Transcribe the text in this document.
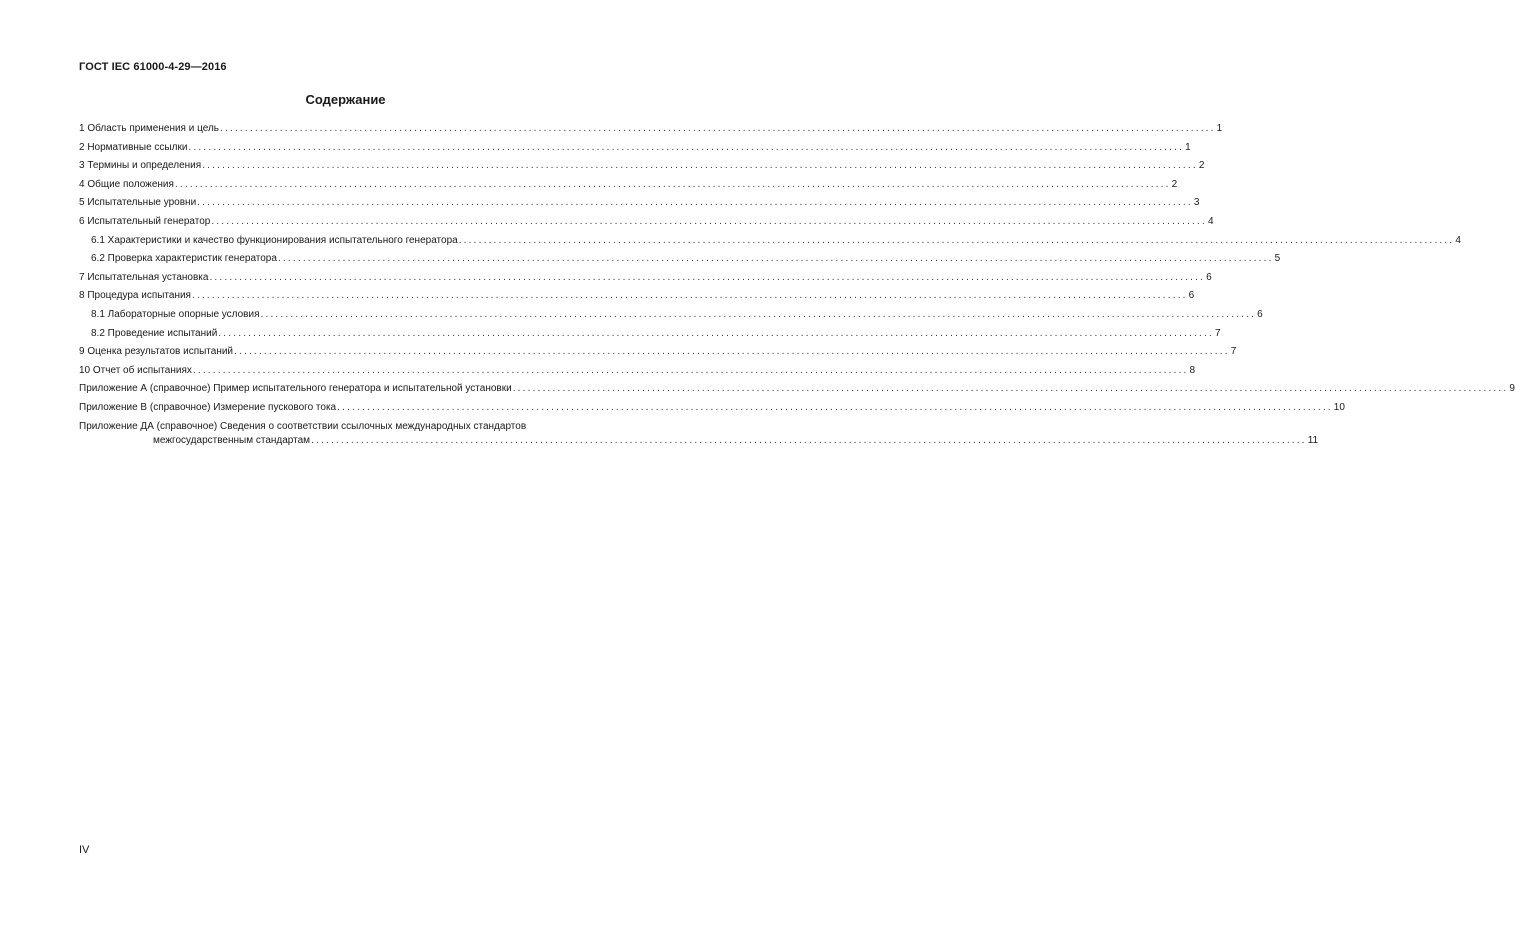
ГОСТ IEC 61000-4-29—2016
Содержание
1 Область применения и цель ........................................................................................................................................................................................................ 1
2 Нормативные ссылки ........................................................................................................................................................................................................ 1
3 Термины и определения ........................................................................................................................................................................................................ 2
4 Общие положения ........................................................................................................................................................................................................ 2
5 Испытательные уровни ........................................................................................................................................................................................................ 3
6 Испытательный генератор ........................................................................................................................................................................................................ 4
6.1 Характеристики и качество функционирования испытательного генератора ........................................................................................................................................................................................................ 4
6.2 Проверка характеристик генератора ........................................................................................................................................................................................................ 5
7 Испытательная установка ........................................................................................................................................................................................................ 6
8 Процедура испытания ........................................................................................................................................................................................................ 6
8.1 Лабораторные опорные условия ........................................................................................................................................................................................................ 6
8.2 Проведение испытаний ........................................................................................................................................................................................................ 7
9 Оценка результатов испытаний ........................................................................................................................................................................................................ 7
10 Отчет об испытаниях ........................................................................................................................................................................................................ 8
Приложение А (справочное) Пример испытательного генератора и испытательной установки ........................................................................................................................................................................................................ 9
Приложение В (справочное) Измерение пускового тока ........................................................................................................................................................................................................ 10
Приложение ДА (справочное) Сведения о соответствии ссылочных международных стандартов
межгосударственным стандартам ........................................................................................................................................................................................................ 11
IV
